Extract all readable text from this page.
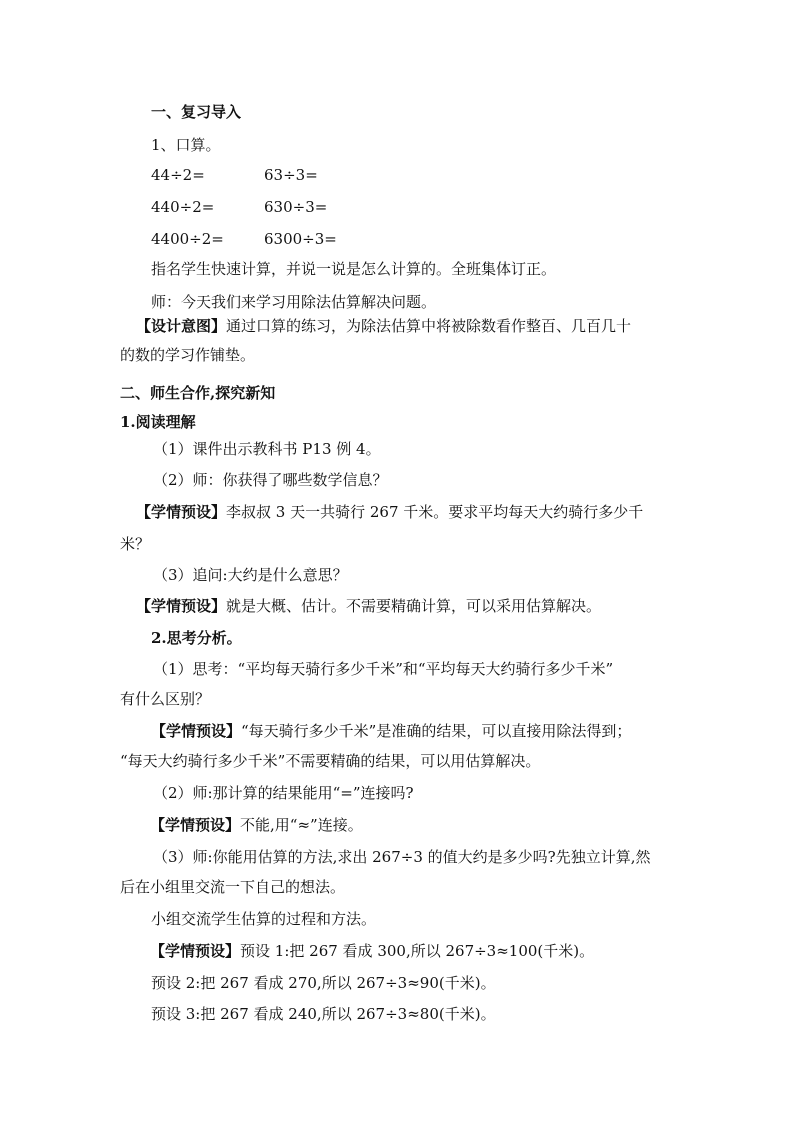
一、复习导入
1、口算。
44÷2=	63÷3=
440÷2=	630÷3=
4400÷2=	6300÷3=
指名学生快速计算，并说一说是怎么计算的。全班集体订正。
师：今天我们来学习用除法估算解决问题。
【设计意图】通过口算的练习，为除法估算中将被除数看作整百、几百几十
的数的学习作铺垫。
二、师生合作,探究新知
1.阅读理解
（1）课件出示教科书 P13 例 4。
（2）师：你获得了哪些数学信息？
【学情预设】李叔叔 3 天一共骑行 267 千米。要求平均每天大约骑行多少千
米？
（3）追问:大约是什么意思？
【学情预设】就是大概、估计。不需要精确计算，可以采用估算解决。
2.思考分析。
（1）思考：“平均每天骑行多少千米”和“平均每天大约骑行多少千米”
有什么区别？
【学情预设】“每天骑行多少千米”是准确的结果，可以直接用除法得到；
“每天大约骑行多少千米”不需要精确的结果，可以用估算解决。
（2）师:那计算的结果能用“=”连接吗?
【学情预设】不能,用“≈”连接。
（3）师:你能用估算的方法,求出 267÷3 的值大约是多少吗?先独立计算,然
后在小组里交流一下自己的想法。
小组交流学生估算的过程和方法。
【学情预设】预设 1:把 267 看成 300,所以 267÷3≈100(千米)。
预设 2:把 267 看成 270,所以 267÷3≈90(千米)。
预设 3:把 267 看成 240,所以 267÷3≈80(千米)。
